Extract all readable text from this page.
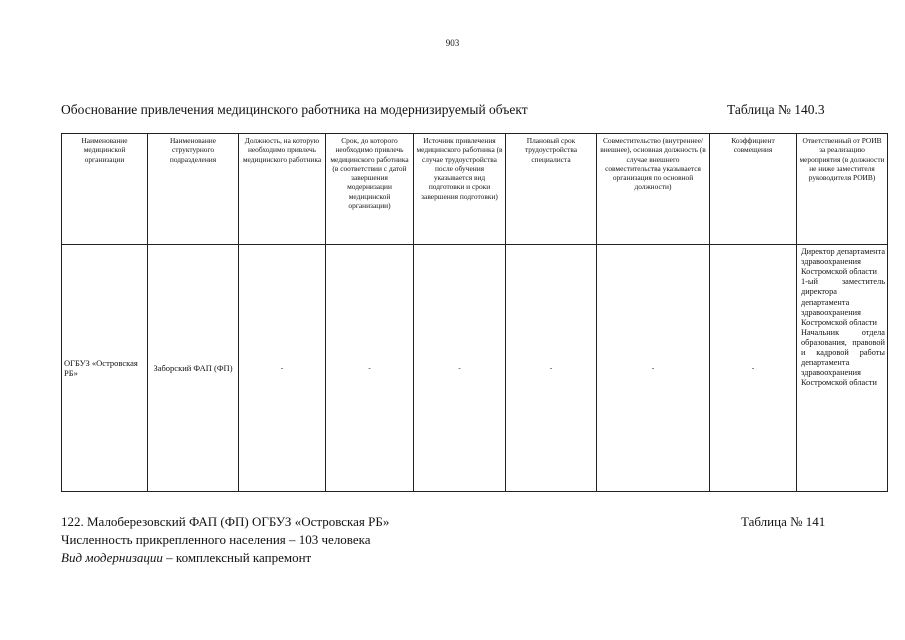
903
Обоснование привлечения медицинского работника на модернизируемый объект	Таблица № 140.3
Наименование медицинской организации	Наименование структурного подразделения	Должность, на которую необходимо привлечь медицинского работника	Срок, до которого необходимо привлечь медицинского работника (в соответствии с датой завершения модернизации медицинской организации)	Источник привлечения медицинского работника (в случае трудоустройства после обучения указывается вид подготовки и сроки завершения подготовки)	Плановый срок трудоустройства специалиста	Совместительство (внутреннее/внешнее), основная должность (в случае внешнего совместительства указывается организация по основной должности)	Коэффициент совмещения	Ответственный от РОИВ за реализацию мероприятия (в должности не ниже заместителя руководителя РОИВ)
ОГБУЗ «Островская РБ»	Заборский ФАП (ФП)	-	-	-	-	-	-	Директор департамента здравоохранения Костромской области
1-ый заместитель директора департамента здравоохранения Костромской области
Начальник отдела образования, правовой и кадровой работы департамента здравоохранения Костромской области
122. Малоберезовский ФАП (ФП) ОГБУЗ «Островская РБ»	Таблица № 141
Численность прикрепленного населения – 103 человека
Вид модернизации – комплексный капремонт
